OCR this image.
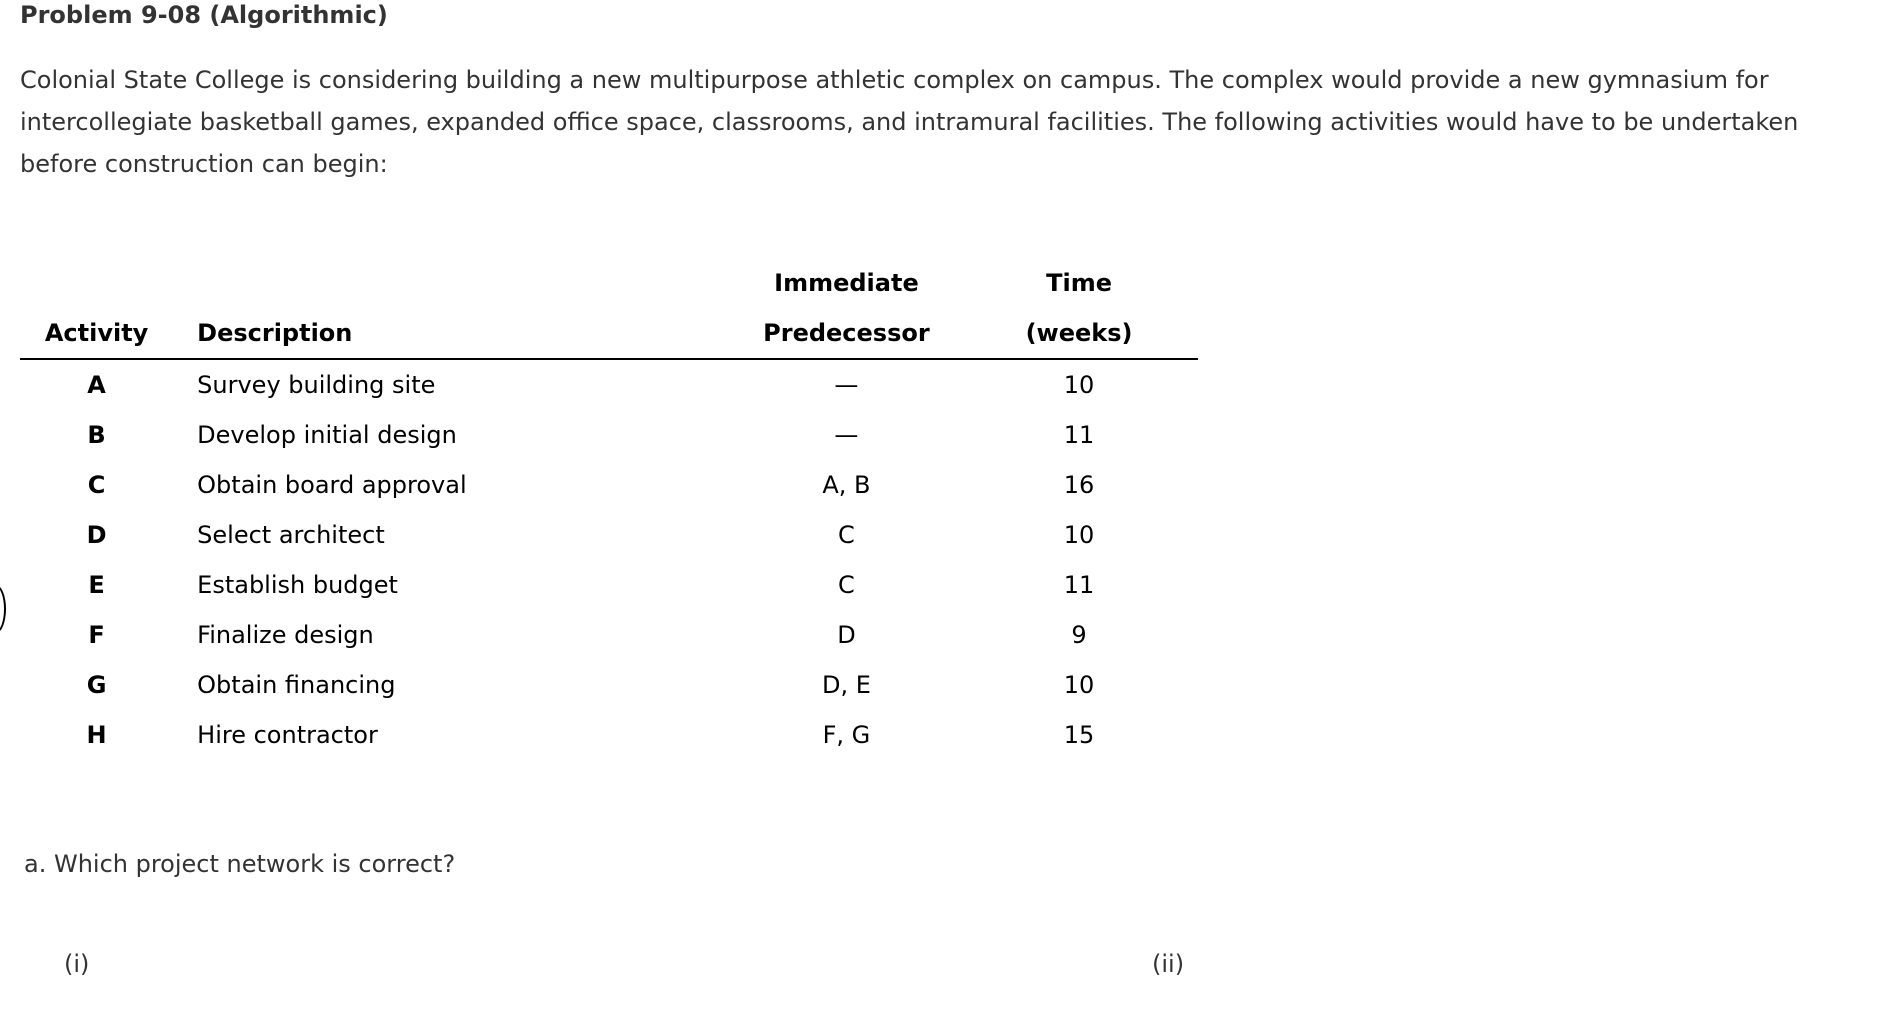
Problem 9-08 (Algorithmic)

Colonial State College is considering building a new multipurpose athletic complex on campus. The complex would provide a new gymnasium for intercollegiate basketball games, expanded office space, classrooms, and intramural facilities. The following activities would have to be undertaken before construction can begin:

		Immediate	Time
Activity	Description	Predecessor	(weeks)
A	Survey building site	—	10
B	Develop initial design	—	11
C	Obtain board approval	A, B	16
D	Select architect	C	10
E	Establish budget	C	11
F	Finalize design	D	9
G	Obtain financing	D, E	10
H	Hire contractor	F, G	15
a. Which project network is correct?
(i)	(ii)
